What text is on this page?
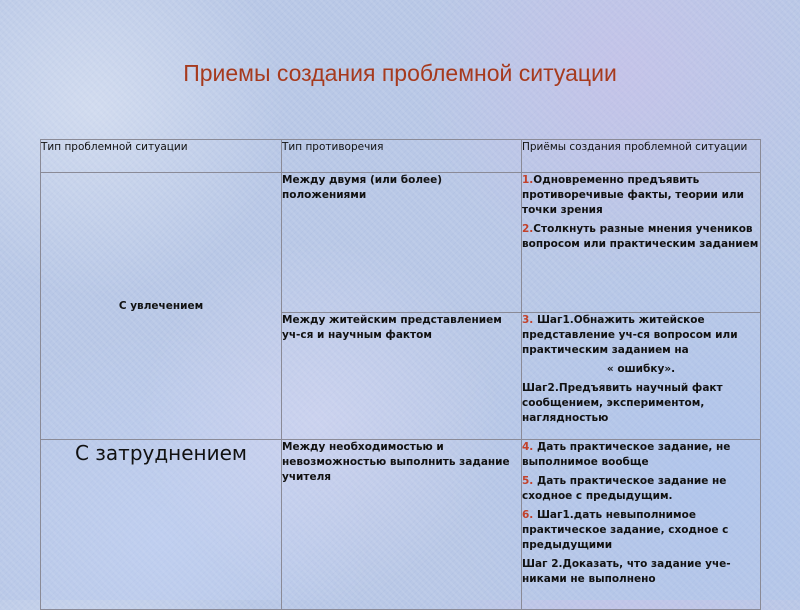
Приемы создания проблемной ситуации
Тип проблемной ситуации	Тип противоречия	Приёмы создания проблемной ситуации
С увлечением	Между двумя (или более) положениями	1.Одновременно предъявить противоречивые факты, теории или точки зрения

2.Столкнуть разные мнения учеников вопросом или практическим заданием

	Между житейским представлением уч-ся и научным фактом	3. Шаг1.Обнажить житейское представление уч-ся вопросом или практическим заданием на

« ошибку».

Шаг2.Предъявить научный факт сообщением, экспериментом, наглядностью

С затруднением	Между необходимостью и невозможностью выполнить задание учителя	4. Дать практическое задание, не выполнимое вообще

5. Дать практическое задание не сходное с предыдущим.

6. Шаг1.дать невыполнимое практическое задание, сходное с предыдущими

Шаг 2.Доказать, что задание уче-никами не выполнено
